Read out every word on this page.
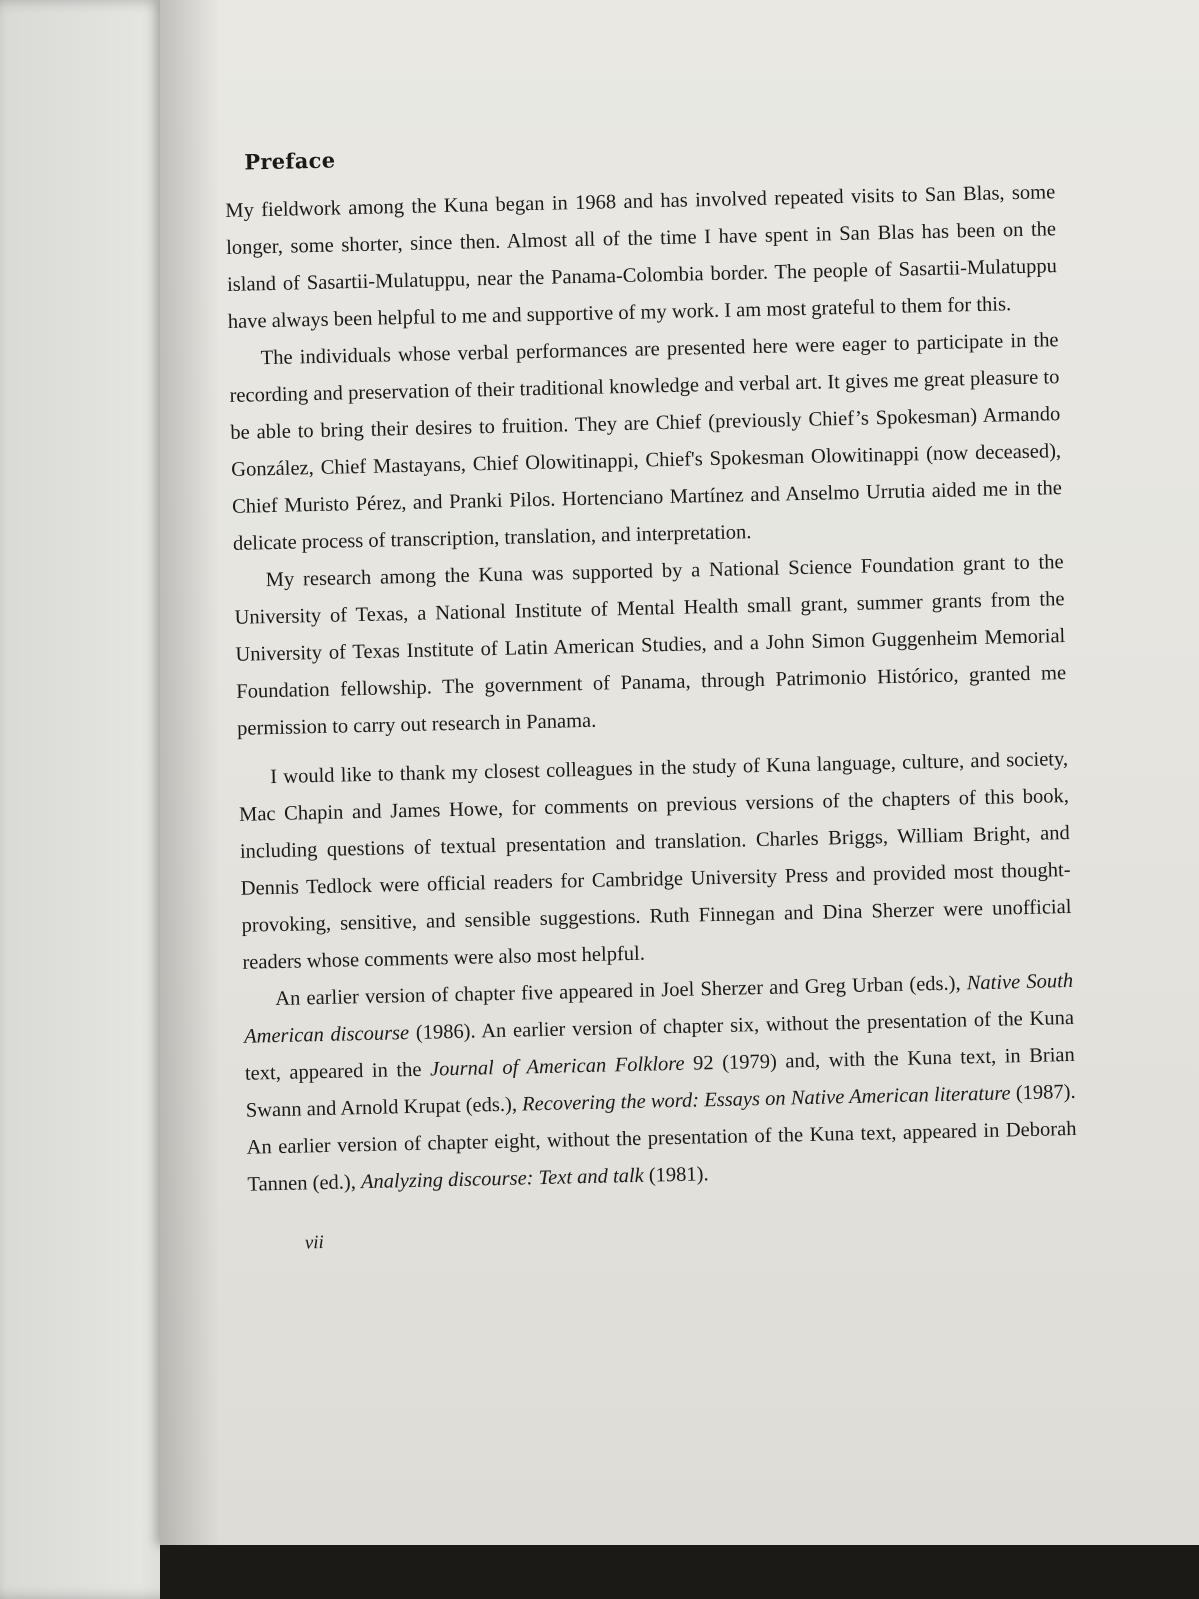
Preface

My fieldwork among the Kuna began in 1968 and has involved repeated visits to San Blas, some longer, some shorter, since then. Almost all of the time I have spent in San Blas has been on the island of Sasartii-Mulatuppu, near the Panama-Colombia border. The people of Sasartii-Mulatuppu have always been helpful to me and supportive of my work. I am most grateful to them for this.

The individuals whose verbal performances are presented here were eager to participate in the recording and preservation of their traditional knowledge and verbal art. It gives me great pleasure to be able to bring their desires to fruition. They are Chief (previously Chief’s Spokesman) Armando González, Chief Mastayans, Chief Olowitinappi, Chief's Spokesman Olowitinappi (now deceased), Chief Muristo Pérez, and Pranki Pilos. Hortenciano Martínez and Anselmo Urrutia aided me in the delicate process of transcription, translation, and interpretation.

My research among the Kuna was supported by a National Science Foundation grant to the University of Texas, a National Institute of Mental Health small grant, summer grants from the University of Texas Institute of Latin American Studies, and a John Simon Guggenheim Memorial Foundation fellowship. The government of Panama, through Patrimonio Histórico, granted me permission to carry out research in Panama.

I would like to thank my closest colleagues in the study of Kuna language, culture, and society, Mac Chapin and James Howe, for comments on previous versions of the chapters of this book, including questions of textual presentation and translation. Charles Briggs, William Bright, and Dennis Tedlock were official readers for Cambridge University Press and provided most thought-provoking, sensitive, and sensible suggestions. Ruth Finnegan and Dina Sherzer were unofficial readers whose comments were also most helpful.

An earlier version of chapter five appeared in Joel Sherzer and Greg Urban (eds.), Native South American discourse (1986). An earlier version of chapter six, without the presentation of the Kuna text, appeared in the Journal of American Folklore 92 (1979) and, with the Kuna text, in Brian Swann and Arnold Krupat (eds.), Recovering the word: Essays on Native American literature (1987). An earlier version of chapter eight, without the presentation of the Kuna text, appeared in Deborah Tannen (ed.), Analyzing discourse: Text and talk (1981).

vii
